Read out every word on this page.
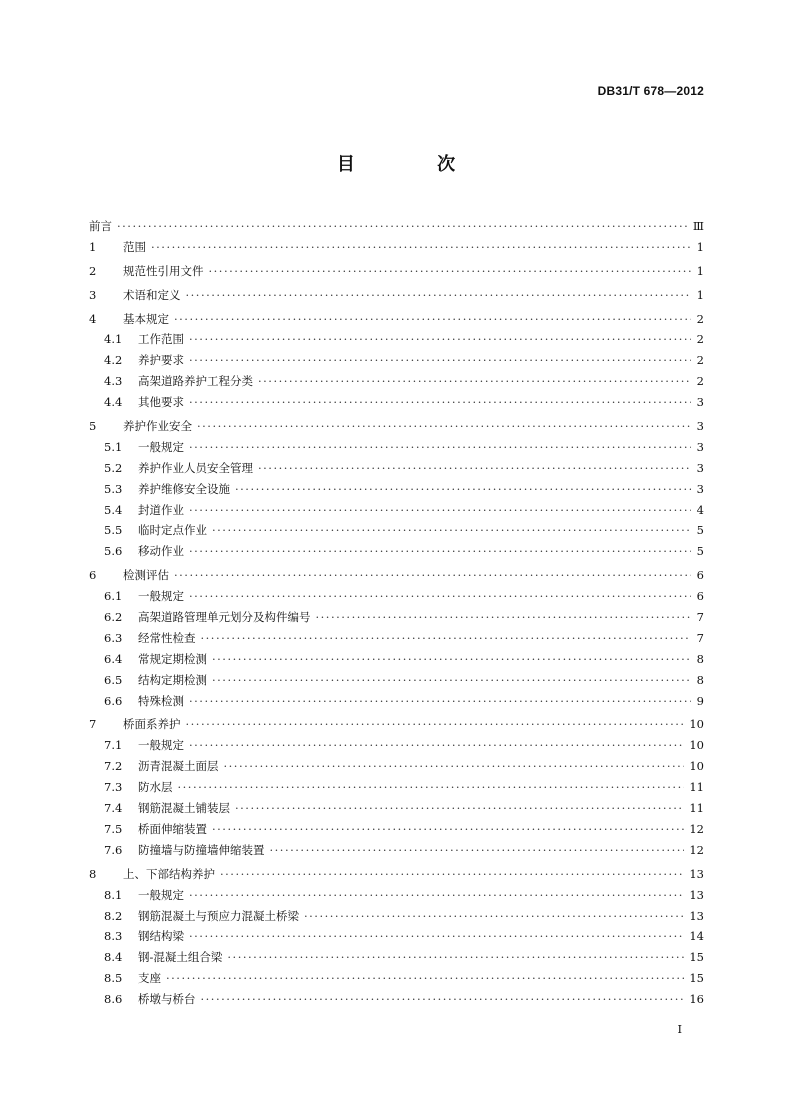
DB31/T 678—2012
目 次
前言 ·····	Ⅲ
1	范围 ·····	1
2	规范性引用文件 ·····	1
3	术语和定义 ·····	1
4	基本规定 ·····	2
4.1	工作范围 ·····	2
4.2	养护要求 ·····	2
4.3	高架道路养护工程分类 ·····	2
4.4	其他要求 ·····	3
5	养护作业安全 ·····	3
5.1	一般规定 ·····	3
5.2	养护作业人员安全管理 ·····	3
5.3	养护维修安全设施 ·····	3
5.4	封道作业 ·····	4
5.5	临时定点作业 ·····	5
5.6	移动作业 ·····	5
6	检测评估 ·····	6
6.1	一般规定 ·····	6
6.2	高架道路管理单元划分及构件编号 ·····	7
6.3	经常性检查 ·····	7
6.4	常规定期检测 ·····	8
6.5	结构定期检测 ·····	8
6.6	特殊检测 ·····	9
7	桥面系养护 ·····	10
7.1	一般规定 ·····	10
7.2	沥青混凝土面层 ·····	10
7.3	防水层 ·····	11
7.4	钢筋混凝土铺装层 ·····	11
7.5	桥面伸缩装置 ·····	12
7.6	防撞墙与防撞墙伸缩装置 ·····	12
8	上、下部结构养护 ·····	13
8.1	一般规定 ·····	13
8.2	钢筋混凝土与预应力混凝土桥梁 ·····	13
8.3	钢结构梁 ·····	14
8.4	钢-混凝土组合梁 ·····	15
8.5	支座 ·····	15
8.6	桥墩与桥台 ·····	16
I
